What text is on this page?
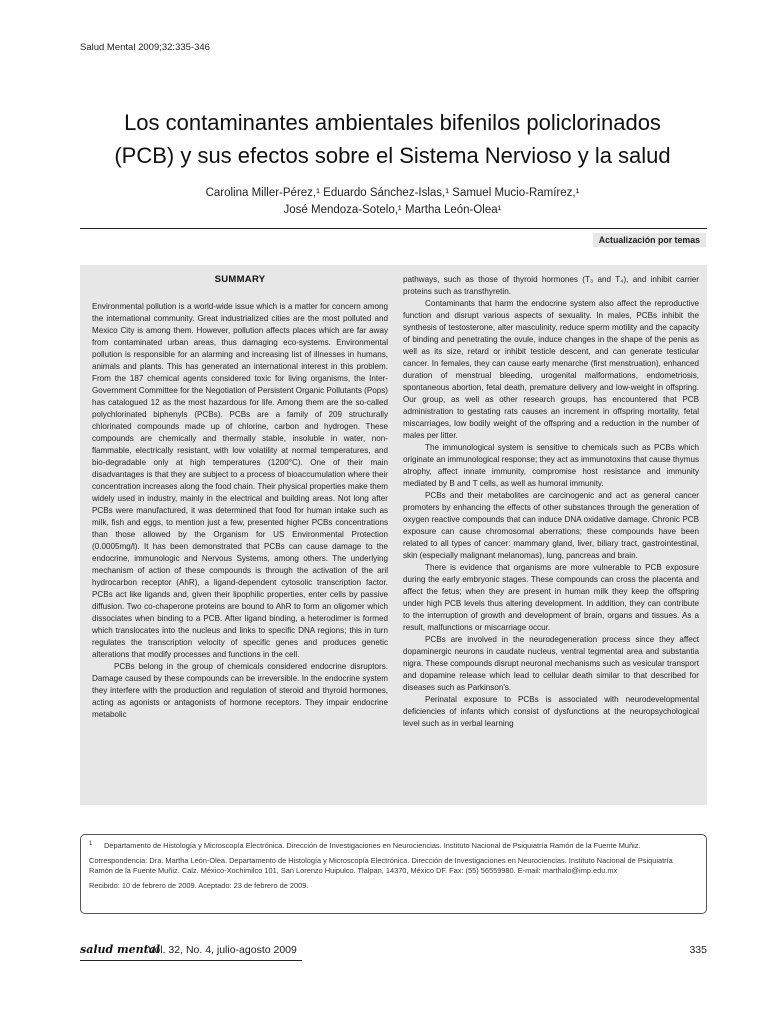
Salud Mental 2009;32:335-346
Los contaminantes ambientales bifenilos policlorinados
(PCB) y sus efectos sobre el Sistema Nervioso y la salud
Carolina Miller-Pérez,¹ Eduardo Sánchez-Islas,¹ Samuel Mucio-Ramírez,¹
José Mendoza-Sotelo,¹ Martha León-Olea¹
Actualización por temas
SUMMARY

Environmental pollution is a world-wide issue which is a matter for concern among the international community. Great industrialized cities are the most polluted and Mexico City is among them. However, pollution affects places which are far away from contaminated urban areas, thus damaging eco-systems. Environmental pollution is responsible for an alarming and increasing list of illnesses in humans, animals and plants. This has generated an international interest in this problem. From the 187 chemical agents considered toxic for living organisms, the Inter-Government Committee for the Negotiation of Persistent Organic Pollutants (Pops) has catalogued 12 as the most hazardous for life. Among them are the so-called polychlorinated biphenyls (PCBs). PCBs are a family of 209 structurally chlorinated compounds made up of chlorine, carbon and hydrogen. These compounds are chemically and thermally stable, insoluble in water, non-flammable, electrically resistant, with low volatility at normal temperatures, and bio-degradable only at high temperatures (1200°C). One of their main disadvantages is that they are subject to a process of bioaccumulation where their concentration increases along the food chain. Their physical properties make them widely used in industry, mainly in the electrical and building areas. Not long after PCBs were manufactured, it was determined that food for human intake such as milk, fish and eggs, to mention just a few, presented higher PCBs concentrations than those allowed by the Organism for US Environmental Protection (0.0005mg/l). It has been demonstrated that PCBs can cause damage to the endocrine, immunologic and Nervous Systems, among others. The underlying mechanism of action of these compounds is through the activation of the aril hydrocarbon receptor (AhR), a ligand-dependent cytosolic transcription factor. PCBs act like ligands and, given their lipophilic properties, enter cells by passive diffusion. Two co-chaperone proteins are bound to AhR to form an oligomer which dissociates when binding to a PCB. After ligand binding, a heterodimer is formed which translocates into the nucleus and links to specific DNA regions; this in turn regulates the transcription velocity of specific genes and produces genetic alterations that modify processes and functions in the cell.

PCBs belong in the group of chemicals considered endocrine disruptors. Damage caused by these compounds can be irreversible. In the endocrine system they interfere with the production and regulation of steroid and thyroid hormones, acting as agonists or antagonists of hormone receptors. They impair endocrine metabolic

pathways, such as those of thyroid hormones (T₃ and T₄), and inhibit carrier proteins such as transthyretin.

Contaminants that harm the endocrine system also affect the reproductive function and disrupt various aspects of sexuality. In males, PCBs inhibit the synthesis of testosterone, alter masculinity, reduce sperm motility and the capacity of binding and penetrating the ovule, induce changes in the shape of the penis as well as its size, retard or inhibit testicle descent, and can generate testicular cancer. In females, they can cause early menarche (first menstruation), enhanced duration of menstrual bleeding, urogenital malformations, endometriosis, spontaneous abortion, fetal death, premature delivery and low-weight in offspring. Our group, as well as other research groups, has encountered that PCB administration to gestating rats causes an increment in offspring mortality, fetal miscarriages, low bodily weight of the offspring and a reduction in the number of males per litter.

The immunological system is sensitive to chemicals such as PCBs which originate an immunological response; they act as immunotoxins that cause thymus atrophy, affect innate immunity, compromise host resistance and immunity mediated by B and T cells, as well as humoral immunity.

PCBs and their metabolites are carcinogenic and act as general cancer promoters by enhancing the effects of other substances through the generation of oxygen reactive compounds that can induce DNA oxidative damage. Chronic PCB exposure can cause chromosomal aberrations; these compounds have been related to all types of cancer: mammary gland, liver, biliary tract, gastrointestinal, skin (especially malignant melanomas), lung, pancreas and brain.

There is evidence that organisms are more vulnerable to PCB exposure during the early embryonic stages. These compounds can cross the placenta and affect the fetus; when they are present in human milk they keep the offspring under high PCB levels thus altering development. In addition, they can contribute to the interruption of growth and development of brain, organs and tissues. As a result, malfunctions or miscarriage occur.

PCBs are involved in the neurodegeneration process since they affect dopaminergic neurons in caudate nucleus, ventral tegmental area and substantia nigra. These compounds disrupt neuronal mechanisms such as vesicular transport and dopamine release which lead to cellular death similar to that described for diseases such as Parkinson's.

Perinatal exposure to PCBs is associated with neurodevelopmental deficiencies of infants which consist of dysfunctions at the neuropsychological level such as in verbal learning

1 Departamento de Histología y Microscopía Electrónica. Dirección de Investigaciones en Neurociencias. Instituto Nacional de Psiquiatría Ramón de la Fuente Muñiz.

Correspondencia: Dra. Martha León-Olea. Departamento de Histología y Microscopía Electrónica. Dirección de Investigaciones en Neurociencias. Instituto Nacional de Psiquiatría Ramón de la Fuente Muñiz. Calz. México-Xochimilco 101, San Lorenzo Huipulco. Tlalpan, 14370, México DF. Fax: (55) 56559980. E-mail: marthalo@imp.edu.mx

Recibido: 10 de febrero de 2009. Aceptado: 23 de febrero de 2009.

salud mental
Vol. 32, No. 4, julio-agosto 2009	335
